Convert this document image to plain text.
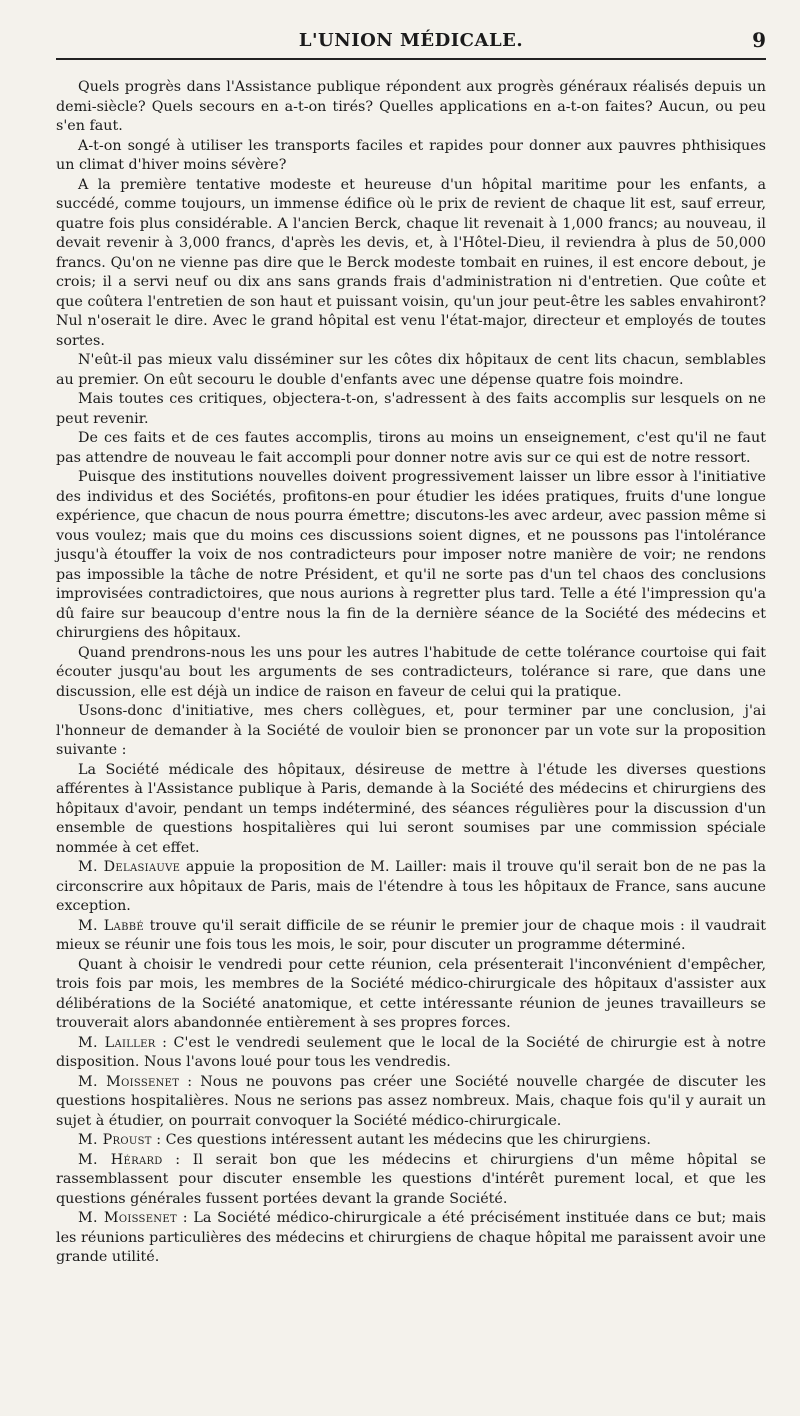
L'UNION MÉDICALE.	9

Quels progrès dans l'Assistance publique répondent aux progrès généraux réalisés depuis un demi-siècle? Quels secours en a-t-on tirés? Quelles applications en a-t-on faites? Aucun, ou peu s'en faut.

A-t-on songé à utiliser les transports faciles et rapides pour donner aux pauvres phthisiques un climat d'hiver moins sévère?

A la première tentative modeste et heureuse d'un hôpital maritime pour les enfants, a succédé, comme toujours, un immense édifice où le prix de revient de chaque lit est, sauf erreur, quatre fois plus considérable. A l'ancien Berck, chaque lit revenait à 1,000 francs; au nouveau, il devait revenir à 3,000 francs, d'après les devis, et, à l'Hôtel-Dieu, il reviendra à plus de 50,000 francs. Qu'on ne vienne pas dire que le Berck modeste tombait en ruines, il est encore debout, je crois; il a servi neuf ou dix ans sans grands frais d'administration ni d'entretien. Que coûte et que coûtera l'entretien de son haut et puissant voisin, qu'un jour peut-être les sables envahiront? Nul n'oserait le dire. Avec le grand hôpital est venu l'état-major, directeur et employés de toutes sortes.

N'eût-il pas mieux valu disséminer sur les côtes dix hôpitaux de cent lits chacun, semblables au premier. On eût secouru le double d'enfants avec une dépense quatre fois moindre.

Mais toutes ces critiques, objectera-t-on, s'adressent à des faits accomplis sur lesquels on ne peut revenir.

De ces faits et de ces fautes accomplis, tirons au moins un enseignement, c'est qu'il ne faut pas attendre de nouveau le fait accompli pour donner notre avis sur ce qui est de notre ressort.

Puisque des institutions nouvelles doivent progressivement laisser un libre essor à l'initiative des individus et des Sociétés, profitons-en pour étudier les idées pratiques, fruits d'une longue expérience, que chacun de nous pourra émettre; discutons-les avec ardeur, avec passion même si vous voulez; mais que du moins ces discussions soient dignes, et ne poussons pas l'intolérance jusqu'à étouffer la voix de nos contradicteurs pour imposer notre manière de voir; ne rendons pas impossible la tâche de notre Président, et qu'il ne sorte pas d'un tel chaos des conclusions improvisées contradictoires, que nous aurions à regretter plus tard. Telle a été l'impression qu'a dû faire sur beaucoup d'entre nous la fin de la dernière séance de la Société des médecins et chirurgiens des hôpitaux.

Quand prendrons-nous les uns pour les autres l'habitude de cette tolérance courtoise qui fait écouter jusqu'au bout les arguments de ses contradicteurs, tolérance si rare, que dans une discussion, elle est déjà un indice de raison en faveur de celui qui la pratique.

Usons-donc d'initiative, mes chers collègues, et, pour terminer par une conclusion, j'ai l'honneur de demander à la Société de vouloir bien se prononcer par un vote sur la proposition suivante :

La Société médicale des hôpitaux, désireuse de mettre à l'étude les diverses questions afférentes à l'Assistance publique à Paris, demande à la Société des médecins et chirurgiens des hôpitaux d'avoir, pendant un temps indéterminé, des séances régulières pour la discussion d'un ensemble de questions hospitalières qui lui seront soumises par une commission spéciale nommée à cet effet.

M. Delasiauve appuie la proposition de M. Lailler: mais il trouve qu'il serait bon de ne pas la circonscrire aux hôpitaux de Paris, mais de l'étendre à tous les hôpitaux de France, sans aucune exception.

M. Labbé trouve qu'il serait difficile de se réunir le premier jour de chaque mois : il vaudrait mieux se réunir une fois tous les mois, le soir, pour discuter un programme déterminé.

Quant à choisir le vendredi pour cette réunion, cela présenterait l'inconvénient d'empêcher, trois fois par mois, les membres de la Société médico-chirurgicale des hôpitaux d'assister aux délibérations de la Société anatomique, et cette intéressante réunion de jeunes travailleurs se trouverait alors abandonnée entièrement à ses propres forces.

M. Lailler : C'est le vendredi seulement que le local de la Société de chirurgie est à notre disposition. Nous l'avons loué pour tous les vendredis.

M. Moissenet : Nous ne pouvons pas créer une Société nouvelle chargée de discuter les questions hospitalières. Nous ne serions pas assez nombreux. Mais, chaque fois qu'il y aurait un sujet à étudier, on pourrait convoquer la Société médico-chirurgicale.

M. Proust : Ces questions intéressent autant les médecins que les chirurgiens.

M. Hérard : Il serait bon que les médecins et chirurgiens d'un même hôpital se rassemblassent pour discuter ensemble les questions d'intérêt purement local, et que les questions générales fussent portées devant la grande Société.

M. Moissenet : La Société médico-chirurgicale a été précisément instituée dans ce but; mais les réunions particulières des médecins et chirurgiens de chaque hôpital me paraissent avoir une grande utilité.
